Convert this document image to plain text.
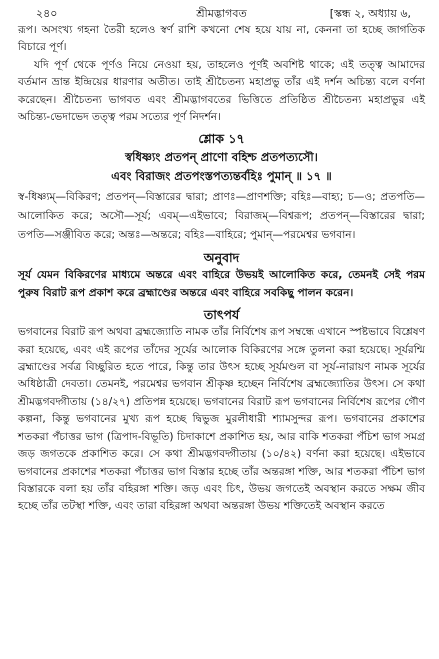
২৪০	শ্রীমদ্ভাগবত	[স্কন্ধ ২, অধ্যায় ৬,

রূপ। অসংখ্য গহনা তৈরী হলেও স্বর্ণ রাশি কখনো শেষ হয়ে যায় না, কেননা তা হচ্ছে জাগতিক বিচারে পূর্ণ।

যদি পূর্ণ থেকে পূর্ণও নিয়ে নেওয়া হয়, তাহলেও পূর্ণই অবশিষ্ট থাকে; এই তত্ত্ব আমাদের বর্তমান ভ্রান্ত ইন্দ্রিয়ের ধারণার অতীত। তাই শ্রীচৈতন্য মহাপ্রভু তাঁর এই দর্শন অচিন্ত্য বলে বর্ণনা করেছেন। শ্রীচৈতন্য ভাগবত এবং শ্রীমদ্ভাগবতের ভিত্তিতে প্রতিষ্ঠিত শ্রীচৈতন্য মহাপ্রভুর এই অচিন্ত্য-ভেদাভেদ তত্ত্ব পরম সত্যের পূর্ণ নিদর্শন।

শ্লোক ১৭
স্বধিষ্ণ্যং প্রতপন্ প্রাণো বহিশ্চ প্রতপত্যসৌ।
এবং বিরাজং প্রতপংস্তপত্যন্তর্বহিঃ পুমান্ ॥ ১৭ ॥

স্ব-ধিষ্ণ্যম্—বিকিরণ; প্রতপন্—বিস্তারের দ্বারা; প্রাণঃ—প্রাণশক্তি; বহিঃ—বাহ্য; চ—ও; প্রতপতি—আলোকিত করে; অসৌ—সূর্য; এবম্—এইভাবে; বিরাজম্—বিশ্বরূপ; প্রতপন্—বিস্তারের দ্বারা; তপতি—সঞ্জীবিত করে; অন্তঃ—অন্তরে; বহিঃ—বাহিরে; পুমান্—পরমেশ্বর ভগবান।

অনুবাদ

সূর্য যেমন বিকিরণের মাধ্যমে অন্তরে এবং বাহিরে উভয়ই আলোকিত করে, তেমনই সেই পরম পুরুষ বিরাট রূপ প্রকাশ করে ব্রহ্মাণ্ডের অন্তরে এবং বাহিরে সবকিছু পালন করেন।

তাৎপর্য

ভগবানের বিরাট রূপ অথবা ব্রহ্মজ্যোতি নামক তাঁর নির্বিশেষ রূপ সম্বন্ধে এখানে স্পষ্টভাবে বিশ্লেষণ করা হয়েছে, এবং এই রূপের তাঁদের সূর্যের আলোক বিকিরণের সঙ্গে তুলনা করা হয়েছে। সূর্যরশ্মি ব্রহ্মাণ্ডের সর্বত্র বিচ্ছুরিত হতে পারে, কিন্তু তার উৎস হচ্ছে সূর্যমণ্ডল বা সূর্য-নারায়ণ নামক সূর্যের অধিষ্ঠাত্রী দেবতা। তেমনই, পরমেশ্বর ভগবান শ্রীকৃষ্ণ হচ্ছেন নির্বিশেষ ব্রহ্মজ্যোতির উৎস। সে কথা শ্রীমদ্ভগবদ্গীতায় (১৪/২৭) প্রতিপন্ন হয়েছে। ভগবানের বিরাট রূপ ভগবানের নির্বিশেষ রূপের গৌণ কল্পনা, কিন্তু ভগবানের মুখ্য রূপ হচ্ছে দ্বিভুজ মুরলীধারী শ্যামসুন্দর রূপ। ভগবানের প্রকাশের শতকরা পঁচাত্তর ভাগ (ত্রিপাদ-বিভূতি) চিদাকাশে প্রকাশিত হয়, আর বাকি শতকরা পঁচিশ ভাগ সমগ্র জড় জগতকে প্রকাশিত করে। সে কথা শ্রীমদ্ভগবদ্গীতায় (১০/৪২) বর্ণনা করা হয়েছে। এইভাবে ভগবানের প্রকাশের শতকরা পঁচাত্তর ভাগ বিস্তার হচ্ছে তাঁর অন্তরঙ্গা শক্তি, আর শতকরা পঁচিশ ভাগ বিস্তারকে বলা হয় তাঁর বহিরঙ্গা শক্তি। জড় এবং চিৎ, উভয় জগতেই অবস্থান করতে সক্ষম জীব হচ্ছে তাঁর তটস্থা শক্তি, এবং তারা বহিরঙ্গা অথবা অন্তরঙ্গা উভয় শক্তিতেই অবস্থান করতে
